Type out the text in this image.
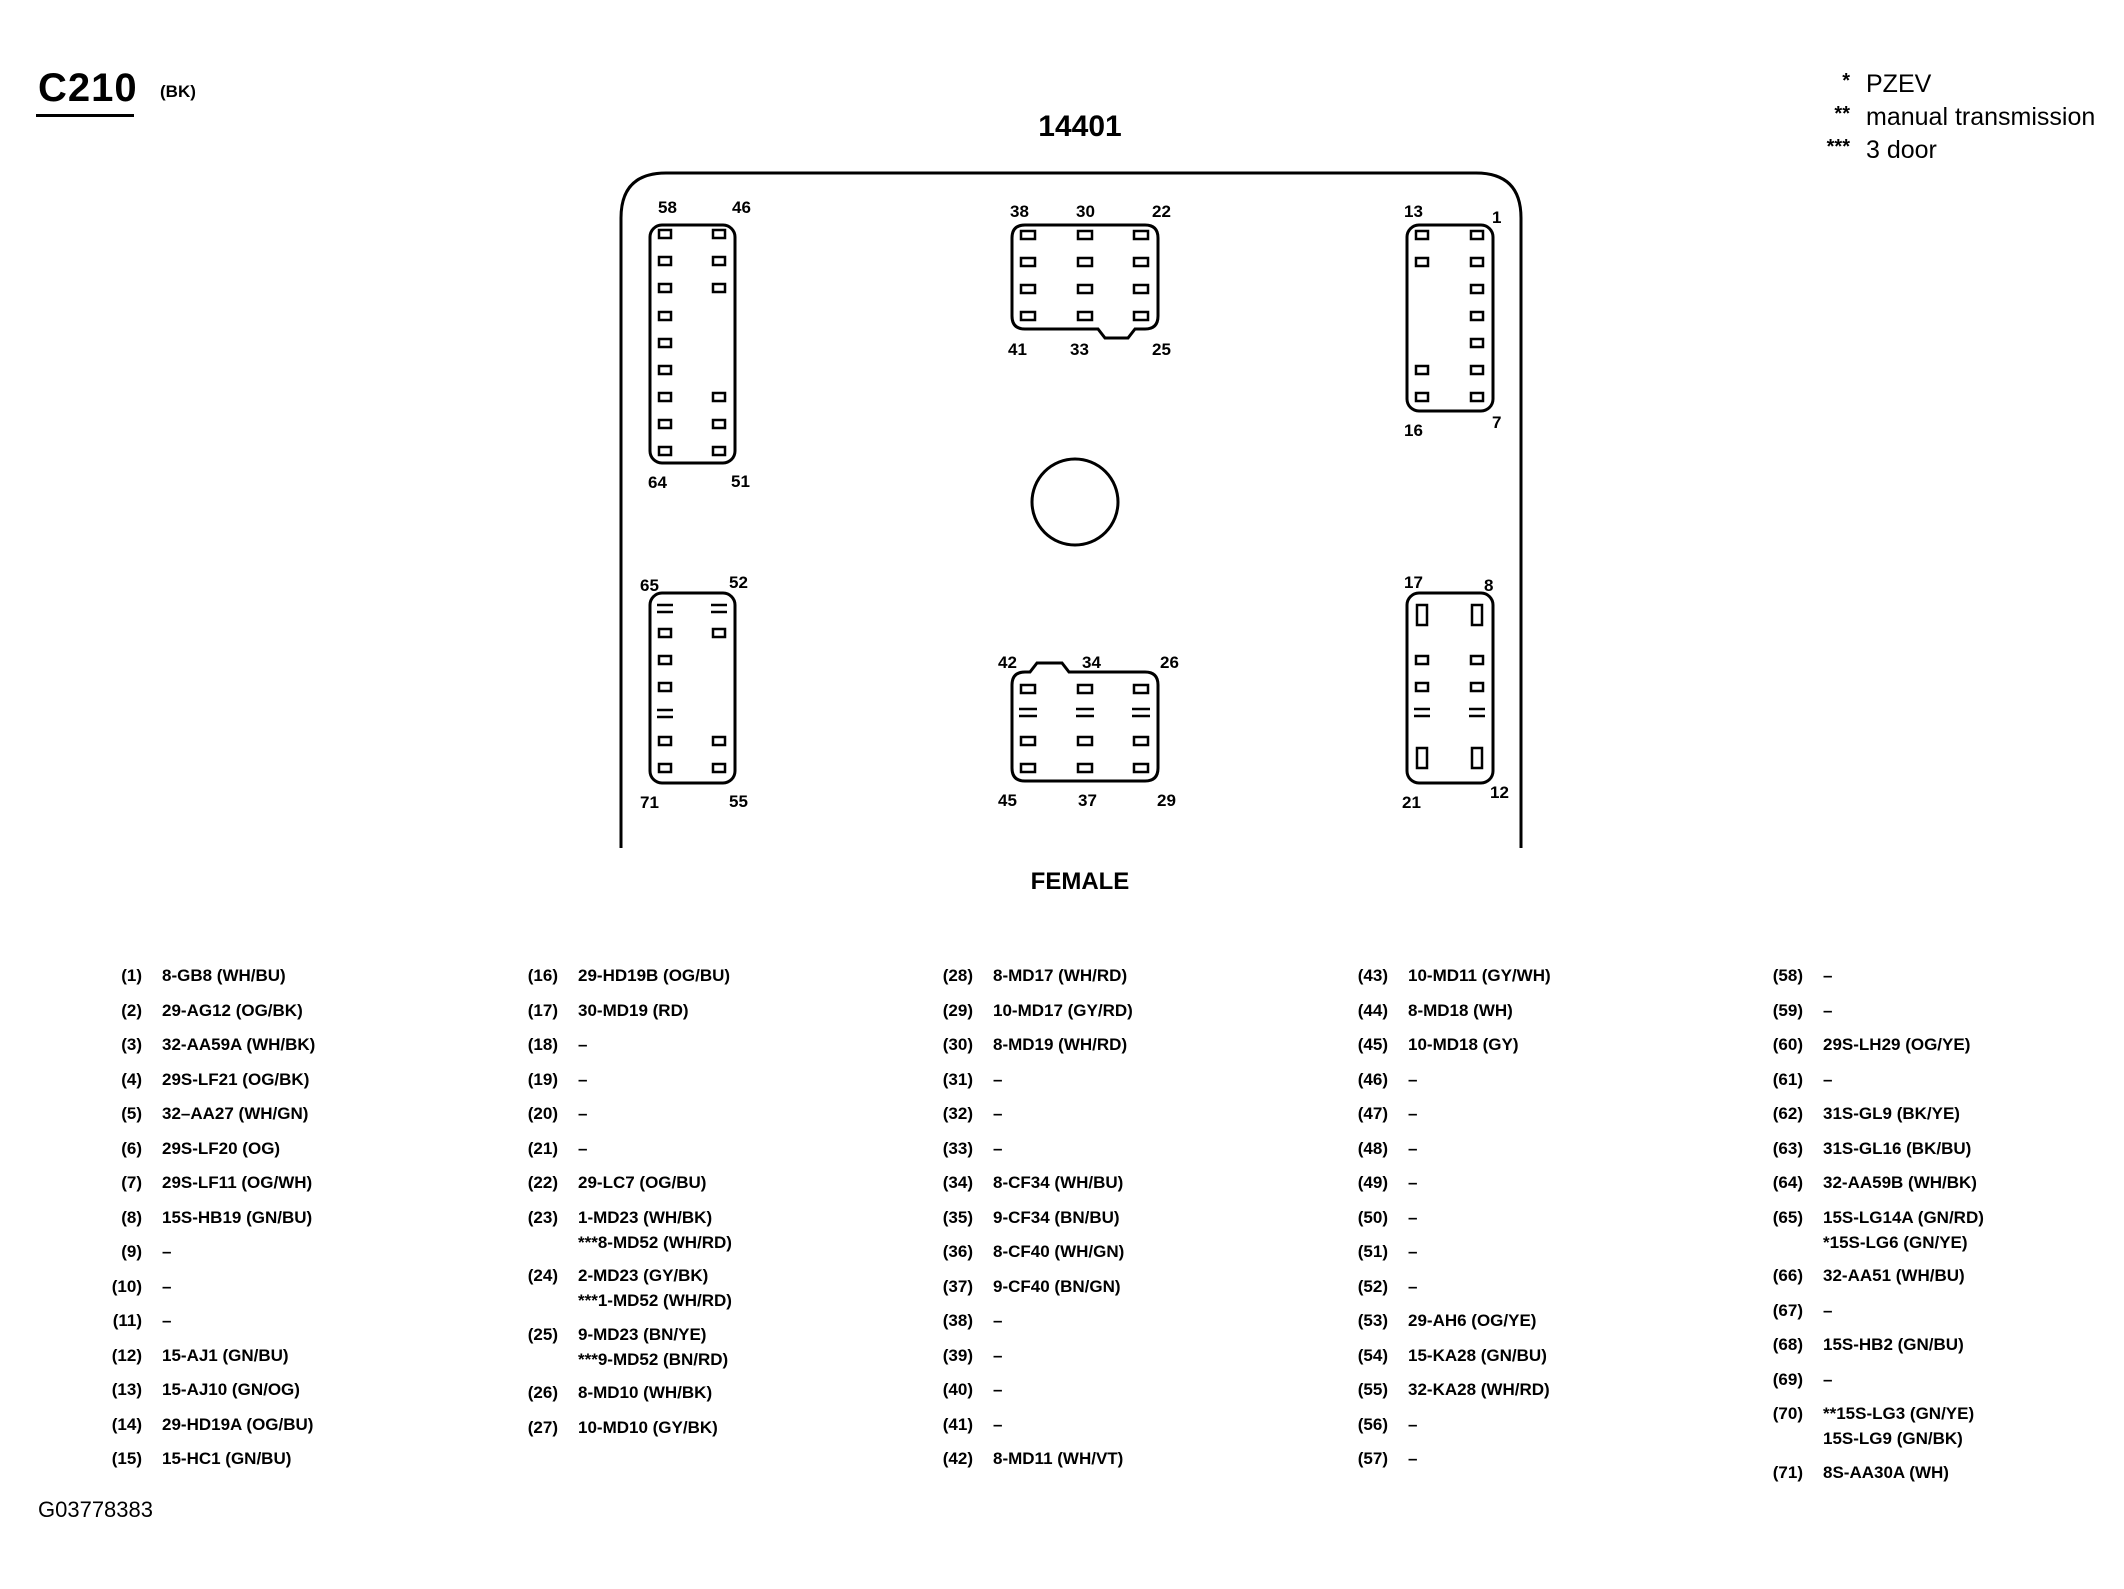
C210 (BK)
14401
* PZEV
** manual transmission
*** 3 door
58	46
64	51
38	30	22
41	33	25
13	1
16	7
65	52
71	55
42	34	26
45	37	29
17	8
21
12
FEMALE
(1) 8-GB8 (WH/BU)
(2) 29-AG12 (OG/BK)
(3) 32-AA59A (WH/BK)
(4) 29S-LF21 (OG/BK)
(5) 32–AA27 (WH/GN)
(6) 29S-LF20 (OG)
(7) 29S-LF11 (OG/WH)
(8) 15S-HB19 (GN/BU)
(9) –
(10) –
(11) –
(12) 15-AJ1 (GN/BU)
(13) 15-AJ10 (GN/OG)
(14) 29-HD19A (OG/BU)
(15) 15-HC1 (GN/BU)
(16) 29-HD19B (OG/BU)
(17) 30-MD19 (RD)
(18) –
(19) –
(20) –
(21) –
(22) 29-LC7 (OG/BU)
(23) 1-MD23 (WH/BK)
***8-MD52 (WH/RD)
(24) 2-MD23 (GY/BK)
***1-MD52 (WH/RD)
(25) 9-MD23 (BN/YE)
***9-MD52 (BN/RD)
(26) 8-MD10 (WH/BK)
(27) 10-MD10 (GY/BK)
(28) 8-MD17 (WH/RD)
(29) 10-MD17 (GY/RD)
(30) 8-MD19 (WH/RD)
(31) –
(32) –
(33) –
(34) 8-CF34 (WH/BU)
(35) 9-CF34 (BN/BU)
(36) 8-CF40 (WH/GN)
(37) 9-CF40 (BN/GN)
(38) –
(39) –
(40) –
(41) –
(42) 8-MD11 (WH/VT)
(43) 10-MD11 (GY/WH)
(44) 8-MD18 (WH)
(45) 10-MD18 (GY)
(46) –
(47) –
(48) –
(49) –
(50) –
(51) –
(52) –
(53) 29-AH6 (OG/YE)
(54) 15-KA28 (GN/BU)
(55) 32-KA28 (WH/RD)
(56) –
(57) –
(58) –
(59) –
(60) 29S-LH29 (OG/YE)
(61) –
(62) 31S-GL9 (BK/YE)
(63) 31S-GL16 (BK/BU)
(64) 32-AA59B (WH/BK)
(65) 15S-LG14A (GN/RD)
*15S-LG6 (GN/YE)
(66) 32-AA51 (WH/BU)
(67) –
(68) 15S-HB2 (GN/BU)
(69) –
(70) **15S-LG3 (GN/YE)
15S-LG9 (GN/BK)
(71) 8S-AA30A (WH)
G03778383
